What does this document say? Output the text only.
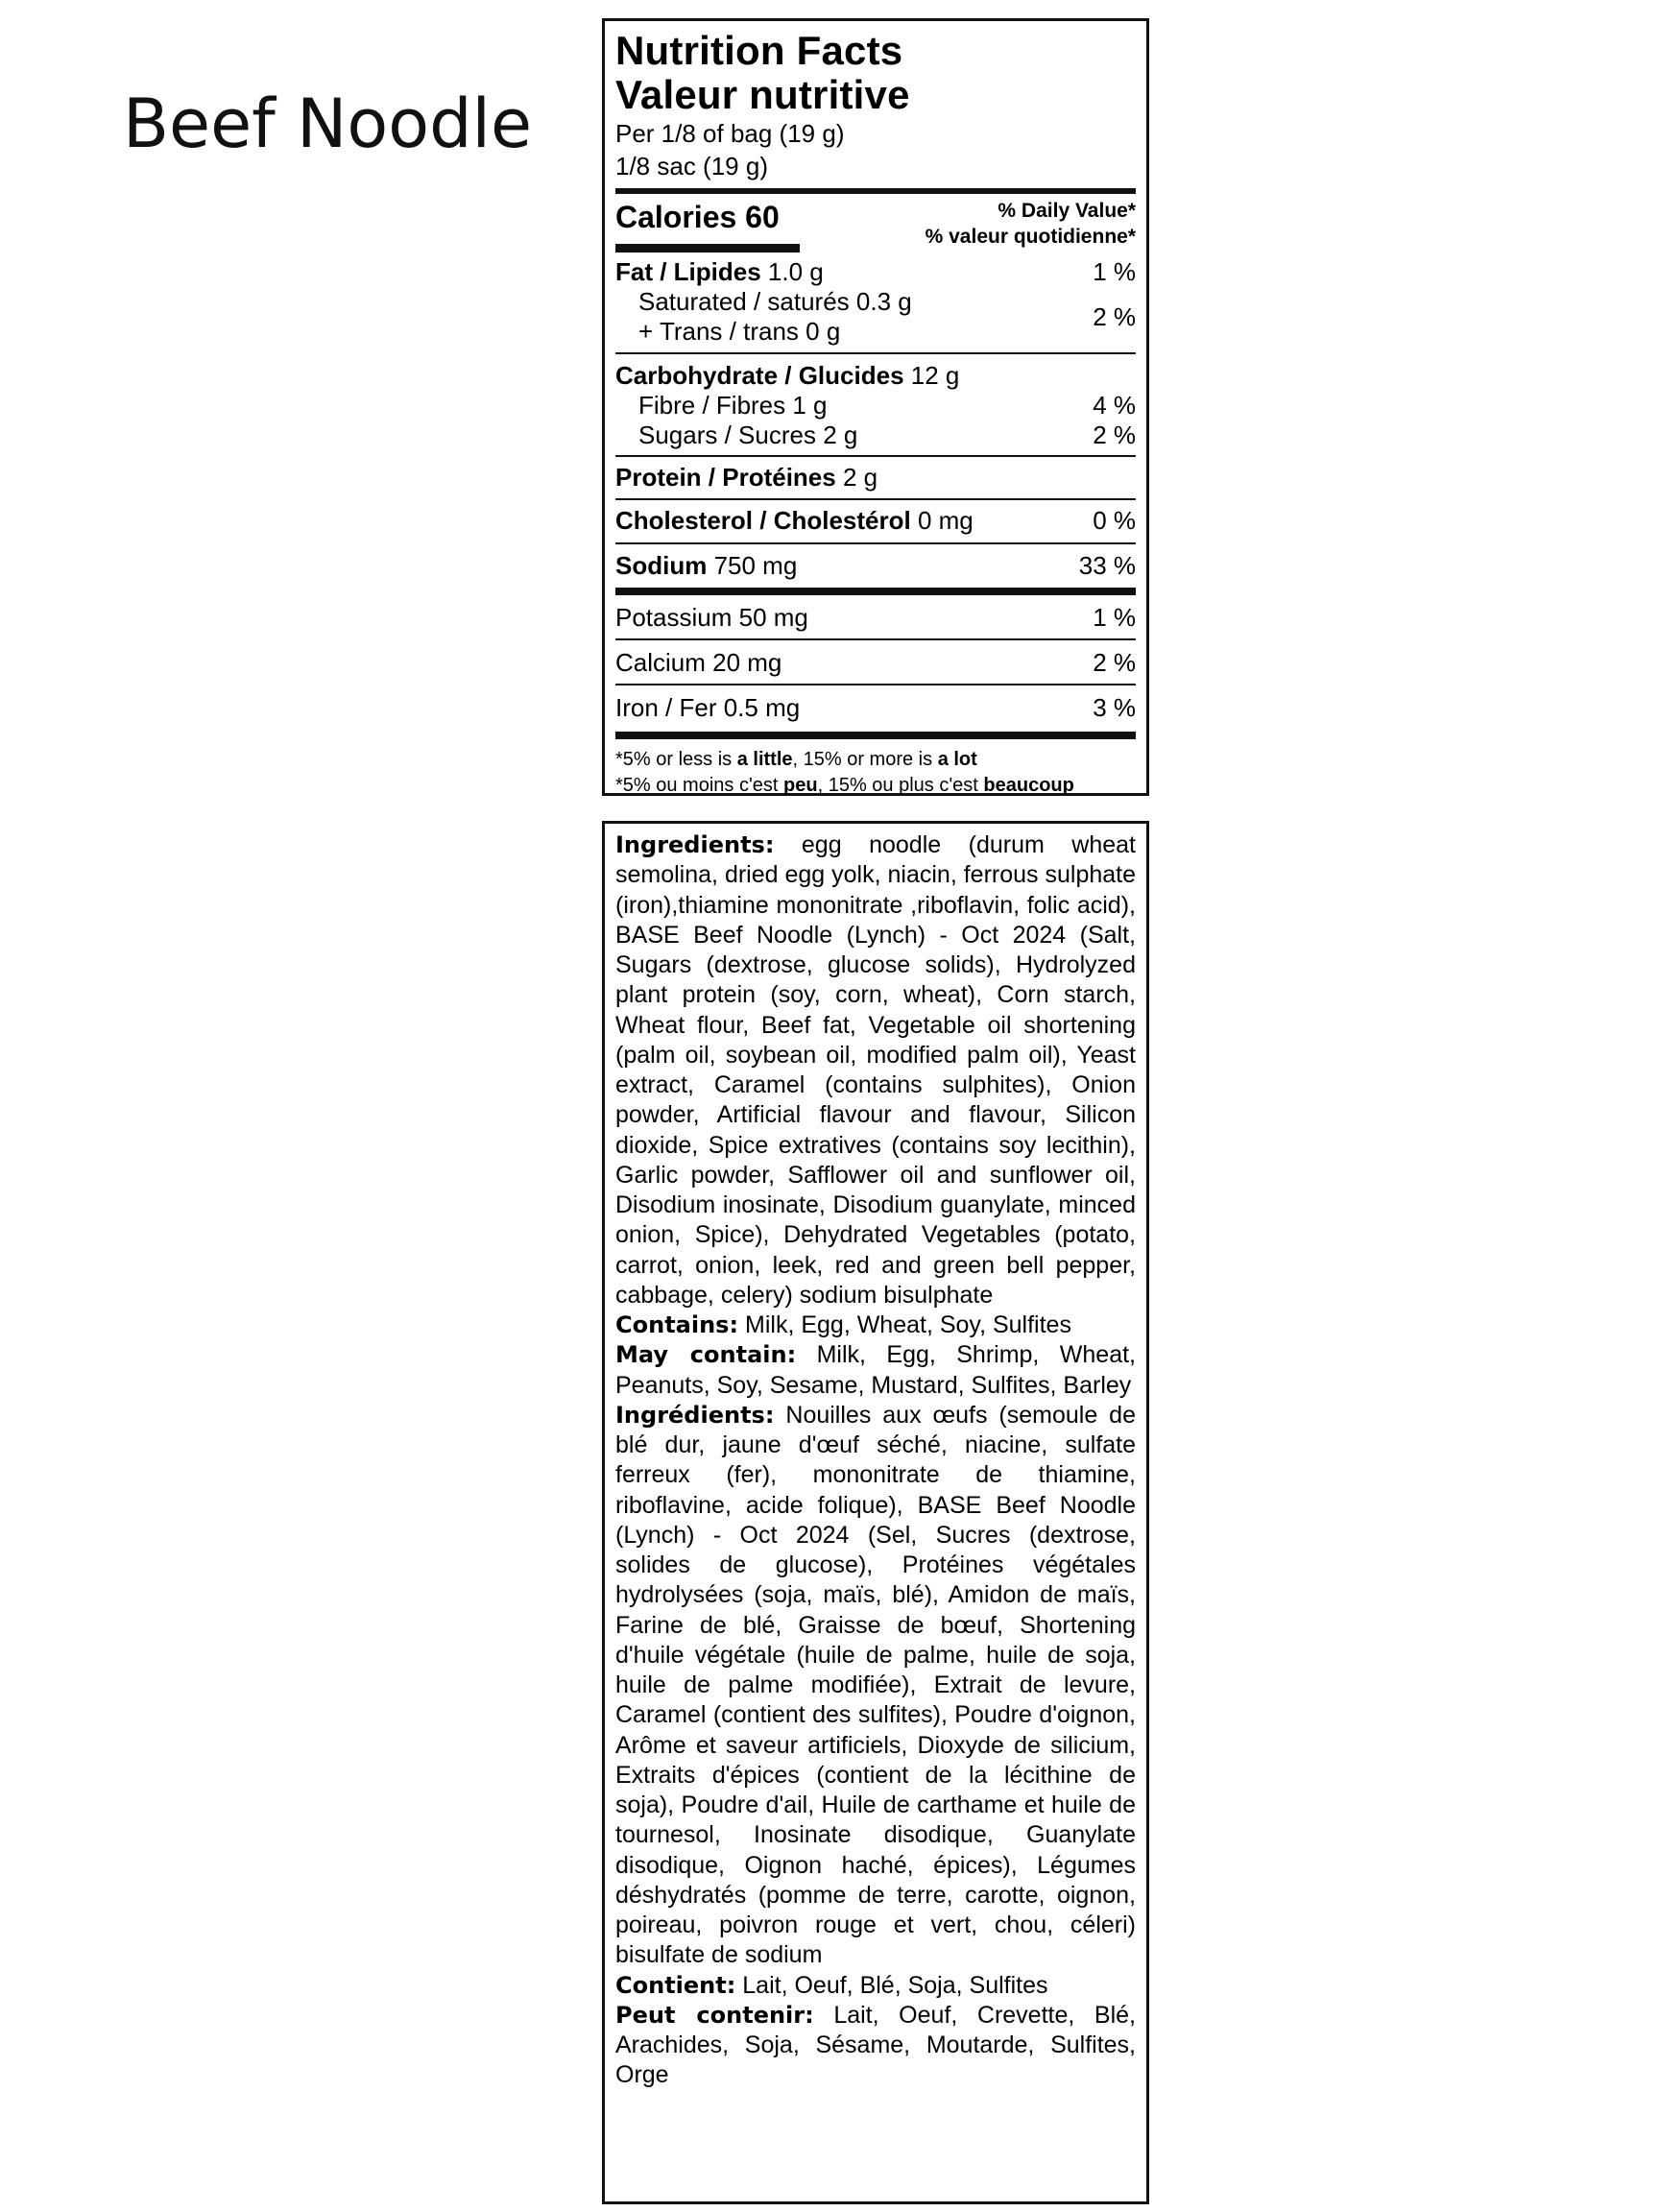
Beef Noodle
Nutrition Facts
Valeur nutritive
Per 1/8 of bag (19 g)
1/8 sac (19 g)
Calories 60	% Daily Value*
% valeur quotidienne*
Fat / Lipides 1.0 g	1 %
Saturated / saturés 0.3 g
+ Trans / trans 0 g	2 %
Carbohydrate / Glucides 12 g
Fibre / Fibres 1 g	4 %
Sugars / Sucres 2 g	2 %
Protein / Protéines 2 g
Cholesterol / Cholestérol 0 mg	0 %
Sodium 750 mg	33 %
Potassium 50 mg	1 %
Calcium 20 mg	2 %
Iron / Fer 0.5 mg	3 %
*5% or less is a little, 15% or more is a lot
*5% ou moins c'est peu, 15% ou plus c'est beaucoup
Ingredients: egg noodle (durum wheat semolina, dried egg yolk, niacin, ferrous sulphate (iron),thiamine mononitrate ,riboflavin, folic acid), BASE Beef Noodle (Lynch) - Oct 2024 (Salt, Sugars (dextrose, glucose solids), Hydrolyzed plant protein (soy, corn, wheat), Corn starch, Wheat flour, Beef fat, Vegetable oil shortening (palm oil, soybean oil, modified palm oil), Yeast extract, Caramel (contains sulphites), Onion powder, Artificial flavour and flavour, Silicon dioxide, Spice extratives (contains soy lecithin), Garlic powder, Safflower oil and sunflower oil, Disodium inosinate, Disodium guanylate, minced onion, Spice), Dehydrated Vegetables (potato, carrot, onion, leek, red and green bell pepper, cabbage, celery) sodium bisulphate
Contains: Milk, Egg, Wheat, Soy, Sulfites
May contain: Milk, Egg, Shrimp, Wheat, Peanuts, Soy, Sesame, Mustard, Sulfites, Barley
Ingrédients: Nouilles aux œufs (semoule de blé dur, jaune d'œuf séché, niacine, sulfate ferreux (fer), mononitrate de thiamine, riboflavine, acide folique), BASE Beef Noodle (Lynch) - Oct 2024 (Sel, Sucres (dextrose, solides de glucose), Protéines végétales hydrolysées (soja, maïs, blé), Amidon de maïs, Farine de blé, Graisse de bœuf, Shortening d'huile végétale (huile de palme, huile de soja, huile de palme modifiée), Extrait de levure, Caramel (contient des sulfites), Poudre d'oignon, Arôme et saveur artificiels, Dioxyde de silicium, Extraits d'épices (contient de la lécithine de soja), Poudre d'ail, Huile de carthame et huile de tournesol, Inosinate disodique, Guanylate disodique, Oignon haché, épices), Légumes déshydratés (pomme de terre, carotte, oignon, poireau, poivron rouge et vert, chou, céleri) bisulfate de sodium
Contient: Lait, Oeuf, Blé, Soja, Sulfites
Peut contenir: Lait, Oeuf, Crevette, Blé, Arachides, Soja, Sésame, Moutarde, Sulfites, Orge
